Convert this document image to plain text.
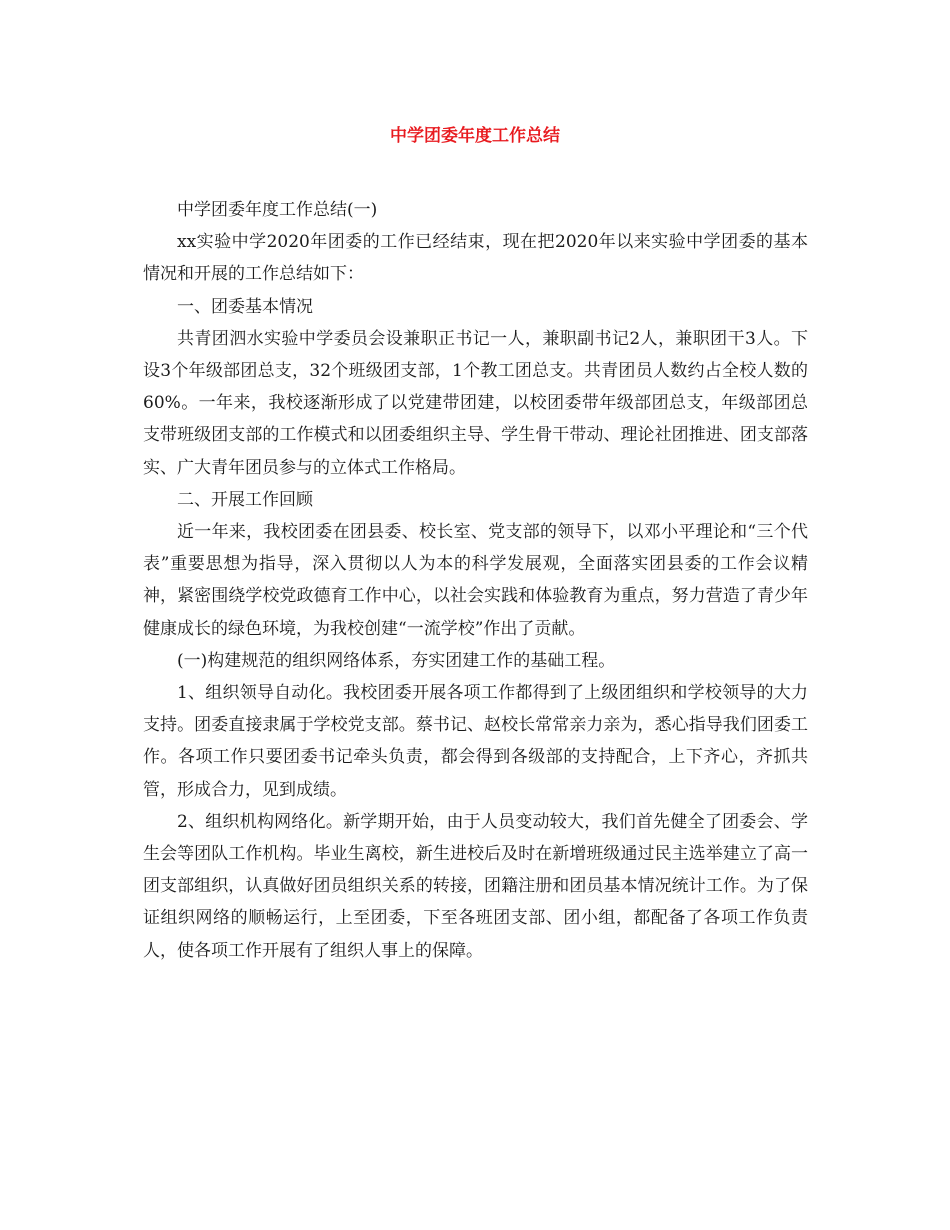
中学团委年度工作总结

中学团委年度工作总结(一)

xx实验中学2020年团委的工作已经结束，现在把2020年以来实验中学团委的基本情况和开展的工作总结如下：

一、团委基本情况

共青团泗水实验中学委员会设兼职正书记一人，兼职副书记2人，兼职团干3人。下设3个年级部团总支，32个班级团支部，1个教工团总支。共青团员人数约占全校人数的60%。一年来，我校逐渐形成了以党建带团建，以校团委带年级部团总支，年级部团总支带班级团支部的工作模式和以团委组织主导、学生骨干带动、理论社团推进、团支部落实、广大青年团员参与的立体式工作格局。

二、开展工作回顾

近一年来，我校团委在团县委、校长室、党支部的领导下，以邓小平理论和“三个代表”重要思想为指导，深入贯彻以人为本的科学发展观，全面落实团县委的工作会议精神，紧密围绕学校党政德育工作中心，以社会实践和体验教育为重点，努力营造了青少年健康成长的绿色环境，为我校创建“一流学校”作出了贡献。

(一)构建规范的组织网络体系，夯实团建工作的基础工程。

1、组织领导自动化。我校团委开展各项工作都得到了上级团组织和学校领导的大力支持。团委直接隶属于学校党支部。蔡书记、赵校长常常亲力亲为，悉心指导我们团委工作。各项工作只要团委书记牵头负责，都会得到各级部的支持配合，上下齐心，齐抓共管，形成合力，见到成绩。

2、组织机构网络化。新学期开始，由于人员变动较大，我们首先健全了团委会、学生会等团队工作机构。毕业生离校，新生进校后及时在新增班级通过民主选举建立了高一团支部组织，认真做好团员组织关系的转接，团籍注册和团员基本情况统计工作。为了保证组织网络的顺畅运行，上至团委，下至各班团支部、团小组，都配备了各项工作负责人，使各项工作开展有了组织人事上的保障。
